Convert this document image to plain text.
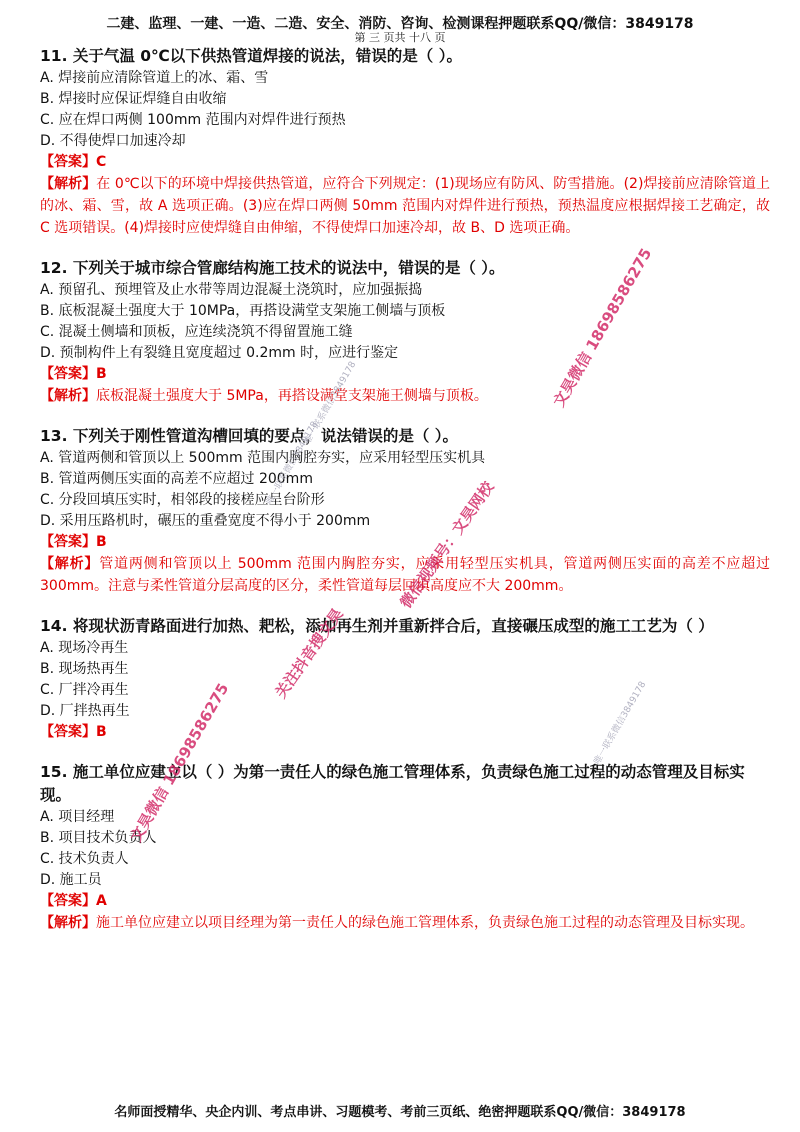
二建、监理、一建、一造、二造、安全、消防、咨询、检测课程押题联系QQ/微信：3849178
第 三 页共 十八 页

11. 关于气温 0℃以下供热管道焊接的说法，错误的是（ ）。

A. 焊接前应清除管道上的冰、霜、雪

B. 焊接时应保证焊缝自由收缩

C. 应在焊口两侧 100mm 范围内对焊件进行预热

D. 不得使焊口加速冷却

【答案】C

【解析】在 0℃以下的环境中焊接供热管道，应符合下列规定：(1)现场应有防风、防雪措施。(2)焊接前应清除管道上的冰、霜、雪，故 A 选项正确。(3)应在焊口两侧 50mm 范围内对焊件进行预热，预热温度应根据焊接工艺确定，故 C 选项错误。(4)焊接时应使焊缝自由伸缩，不得使焊口加速冷却，故 B、D 选项正确。

12. 下列关于城市综合管廊结构施工技术的说法中，错误的是（ ）。

A. 预留孔、预埋管及止水带等周边混凝土浇筑时，应加强振捣

B. 底板混凝土强度大于 10MPa，再搭设满堂支架施工侧墙与顶板

C. 混凝土侧墙和顶板，应连续浇筑不得留置施工缝

D. 预制构件上有裂缝且宽度超过 0.2mm 时，应进行鉴定

【答案】B

【解析】底板混凝土强度大于 5MPa，再搭设满堂支架施王侧墙与顶板。

13. 下列关于刚性管道沟槽回填的要点，说法错误的是（ ）。

A. 管道两侧和管顶以上 500mm 范围内胸腔夯实，应采用轻型压实机具

B. 管道两侧压实面的高差不应超过 200mm

C. 分段回填压实时，相邻段的接槎应呈台阶形

D. 采用压路机时，碾压的重叠宽度不得小于 200mm

【答案】B

【解析】管道两侧和管顶以上 500mm 范围内胸腔夯实，应采用轻型压实机具，管道两侧压实面的高差不应超过 300mm。注意与柔性管道分层高度的区分，柔性管道每层回填高度应不大 200mm。

14. 将现状沥青路面进行加热、耙松，添加再生剂并重新拌合后，直接碾压成型的施工工艺为（ ）

A. 现场冷再生

B. 现场热再生

C. 厂拌冷再生

D. 厂拌热再生

【答案】B

15. 施工单位应建立以（ ）为第一责任人的绿色施工管理体系，负责绿色施工过程的动态管理及目标实现。

A. 项目经理

B. 项目技术负责人

C. 技术负责人

D. 施工员

【答案】A

【解析】施工单位应建立以项目经理为第一责任人的绿色施工管理体系，负责绿色施工过程的动态管理及目标实现。

文昊微信 18698586275
微信视频号：文昊网校
关注抖音搜文昊
文昊微信 18698586275
唯一联系微信3849178
唯一联系微信3849178
唯一联系微信3849178
名师面授精华、央企内训、考点串讲、习题模考、考前三页纸、绝密押题联系QQ/微信：3849178
